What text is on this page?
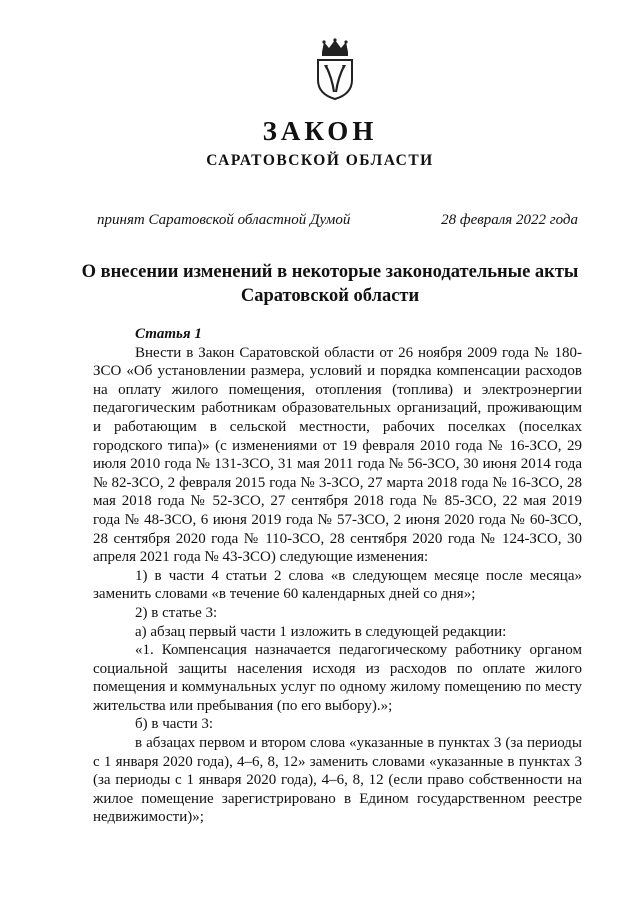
ЗАКОН
САРАТОВСКОЙ ОБЛАСТИ
принят Саратовской областной Думой	28 февраля 2022 года
О внесении изменений в некоторые законодательные акты Саратовской области
Статья 1

Внести в Закон Саратовской области от 26 ноября 2009 года № 180-ЗСО «Об установлении размера, условий и порядка компенсации расходов на оплату жилого помещения, отопления (топлива) и электроэнергии педагогическим работникам образовательных организаций, проживающим и работающим в сельской местности, рабочих поселках (поселках городского типа)» (с изменениями от 19 февраля 2010 года № 16-ЗСО, 29 июля 2010 года № 131-ЗСО, 31 мая 2011 года № 56-ЗСО, 30 июня 2014 года № 82-ЗСО, 2 февраля 2015 года № 3-ЗСО, 27 марта 2018 года № 16-ЗСО, 28 мая 2018 года № 52-ЗСО, 27 сентября 2018 года № 85-ЗСО, 22 мая 2019 года № 48-ЗСО, 6 июня 2019 года № 57-ЗСО, 2 июня 2020 года № 60-ЗСО, 28 сентября 2020 года № 110-ЗСО, 28 сентября 2020 года № 124-ЗСО, 30 апреля 2021 года № 43-ЗСО) следующие изменения:

1) в части 4 статьи 2 слова «в следующем месяце после месяца» заменить словами «в течение 60 календарных дней со дня»;

2) в статье 3:

а) абзац первый части 1 изложить в следующей редакции:

«1. Компенсация назначается педагогическому работнику органом социальной защиты населения исходя из расходов по оплате жилого помещения и коммунальных услуг по одному жилому помещению по месту жительства или пребывания (по его выбору).»;

б) в части 3:

в абзацах первом и втором слова «указанные в пунктах 3 (за периоды с 1 января 2020 года), 4–6, 8, 12» заменить словами «указанные в пунктах 3 (за периоды с 1 января 2020 года), 4–6, 8, 12 (если право собственности на жилое помещение зарегистрировано в Едином государственном реестре недвижимости)»;
